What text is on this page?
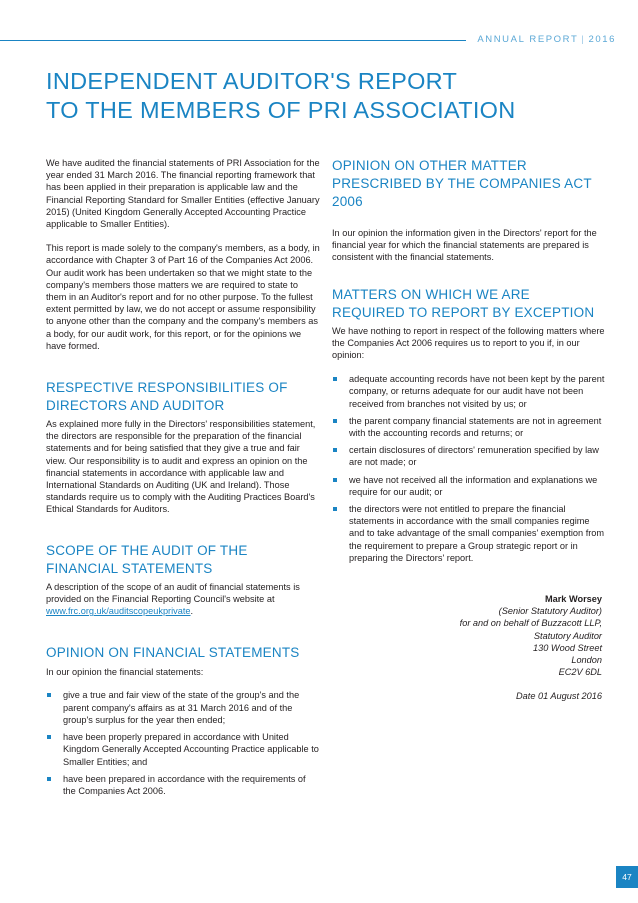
ANNUAL REPORT | 2016
INDEPENDENT AUDITOR'S REPORT
TO THE MEMBERS OF PRI ASSOCIATION

We have audited the financial statements of PRI Association for the year ended 31 March 2016. The financial reporting framework that has been applied in their preparation is applicable law and the Financial Reporting Standard for Smaller Entities (effective January 2015) (United Kingdom Generally Accepted Accounting Practice applicable to Smaller Entities).

This report is made solely to the company's members, as a body, in accordance with Chapter 3 of Part 16 of the Companies Act 2006. Our audit work has been undertaken so that we might state to the company's members those matters we are required to state to them in an Auditor's report and for no other purpose. To the fullest extent permitted by law, we do not accept or assume responsibility to anyone other than the company and the company's members as a body, for our audit work, for this report, or for the opinions we have formed.

RESPECTIVE RESPONSIBILITIES OF
DIRECTORS AND AUDITOR

As explained more fully in the Directors' responsibilities statement, the directors are responsible for the preparation of the financial statements and for being satisfied that they give a true and fair view. Our responsibility is to audit and express an opinion on the financial statements in accordance with applicable law and International Standards on Auditing (UK and Ireland). Those standards require us to comply with the Auditing Practices Board's Ethical Standards for Auditors.

SCOPE OF THE AUDIT OF THE
FINANCIAL STATEMENTS

A description of the scope of an audit of financial statements is provided on the Financial Reporting Council's website at www.frc.org.uk/auditscopeukprivate.

OPINION ON FINANCIAL STATEMENTS

In our opinion the financial statements:

give a true and fair view of the state of the group's and the parent company's affairs as at 31 March 2016 and of the group's surplus for the year then ended;
have been properly prepared in accordance with United Kingdom Generally Accepted Accounting Practice applicable to Smaller Entities; and
have been prepared in accordance with the requirements of the Companies Act 2006.
OPINION ON OTHER MATTER
PRESCRIBED BY THE COMPANIES ACT
2006

In our opinion the information given in the Directors' report for the financial year for which the financial statements are prepared is consistent with the financial statements.

MATTERS ON WHICH WE ARE
REQUIRED TO REPORT BY EXCEPTION

We have nothing to report in respect of the following matters where the Companies Act 2006 requires us to report to you if, in our opinion:

adequate accounting records have not been kept by the parent company, or returns adequate for our audit have not been received from branches not visited by us; or
the parent company financial statements are not in agreement with the accounting records and returns; or
certain disclosures of directors' remuneration specified by law are not made; or
we have not received all the information and explanations we require for our audit; or
the directors were not entitled to prepare the financial statements in accordance with the small companies regime and to take advantage of the small companies' exemption from the requirement to prepare a Group strategic report or in preparing the Directors' report.

Mark Worsey

(Senior Statutory Auditor)

for and on behalf of Buzzacott LLP,

Statutory Auditor

130 Wood Street

London

EC2V 6DL

Date 01 August 2016

47
